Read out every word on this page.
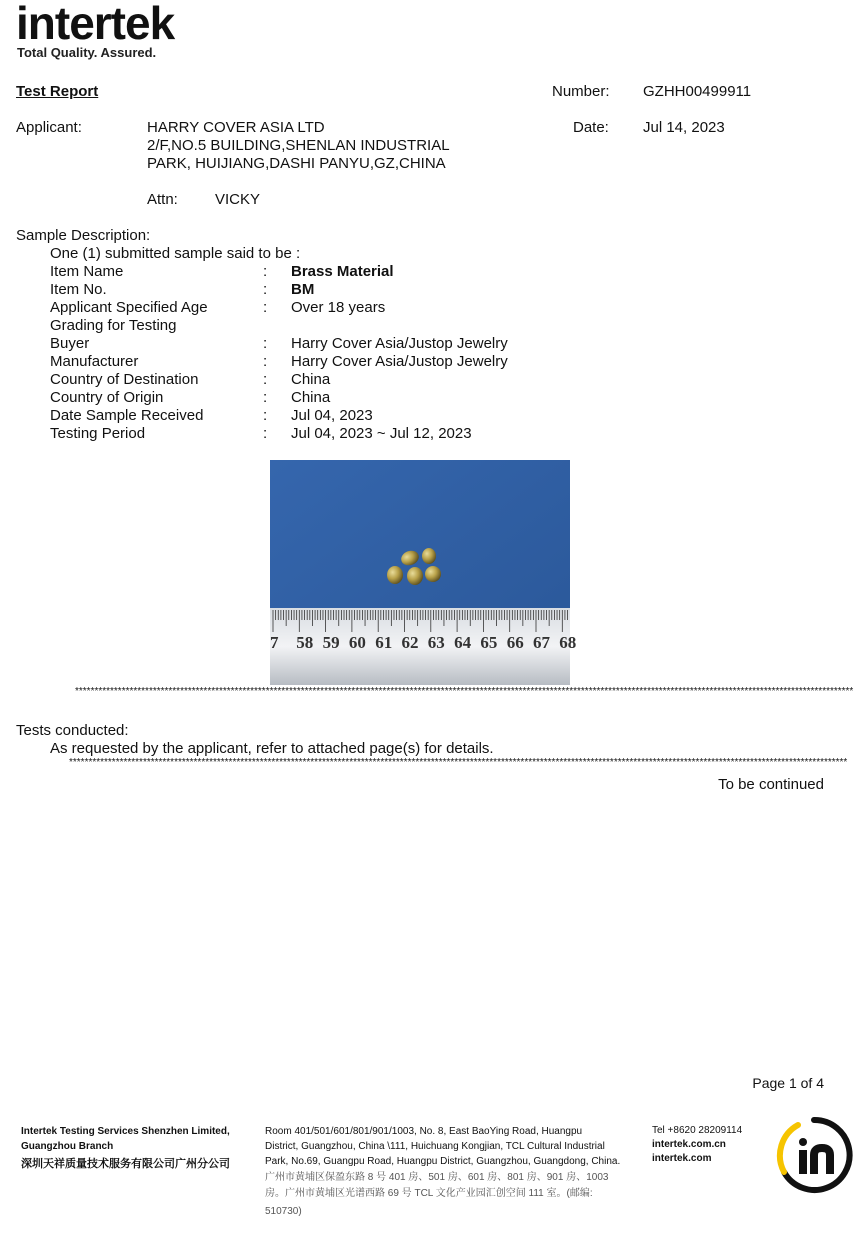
intertek
Total Quality. Assured.
Test Report	Number: GZHH00499911
Applicant:	HARRY COVER ASIA LTD
2/F,NO.5 BUILDING,SHENLAN INDUSTRIAL
PARK, HUIJIANG,DASHI PANYU,GZ,CHINA
Date: Jul 14, 2023
Attn: VICKY
Sample Description:
One (1) submitted sample said to be :
Item Name	: Brass Material
Item No.	: BM
Applicant Specified Age	: Over 18 years
Grading for Testing
Buyer	: Harry Cover Asia/Justop Jewelry
Manufacturer	: Harry Cover Asia/Justop Jewelry
Country of Destination	: China
Country of Origin	: China
Date Sample Received	: Jul 04, 2023
Testing Period	: Jul 04, 2023 ~ Jul 12, 2023
7 58 59 60 61 62 63 64 65 66 67 68
********************************************************************************************************************************************************************************************************
Tests conducted:
As requested by the applicant, refer to attached page(s) for details.
********************************************************************************************************************************************************************************************************
To be continued
Page 1 of 4
Intertek Testing Services Shenzhen Limited,
Guangzhou Branch
深圳天祥质量技术服务有限公司广州分公司
Room 401/501/601/801/901/1003, No. 8, East BaoYing Road, Huangpu
District, Guangzhou, China \111, Huichuang Kongjian, TCL Cultural Industrial
Park, No.69, Guangpu Road, Huangpu District, Guangzhou, Guangdong, China.
广州市黄埔区保盈东路 8 号 401 房、501 房、601 房、801 房、901 房、1003
房。广州市黄埔区光谱西路 69 号 TCL 文化产业园汇创空间 111 室。(邮编:
510730)
Tel +8620 28209114
intertek.com.cn
intertek.com
